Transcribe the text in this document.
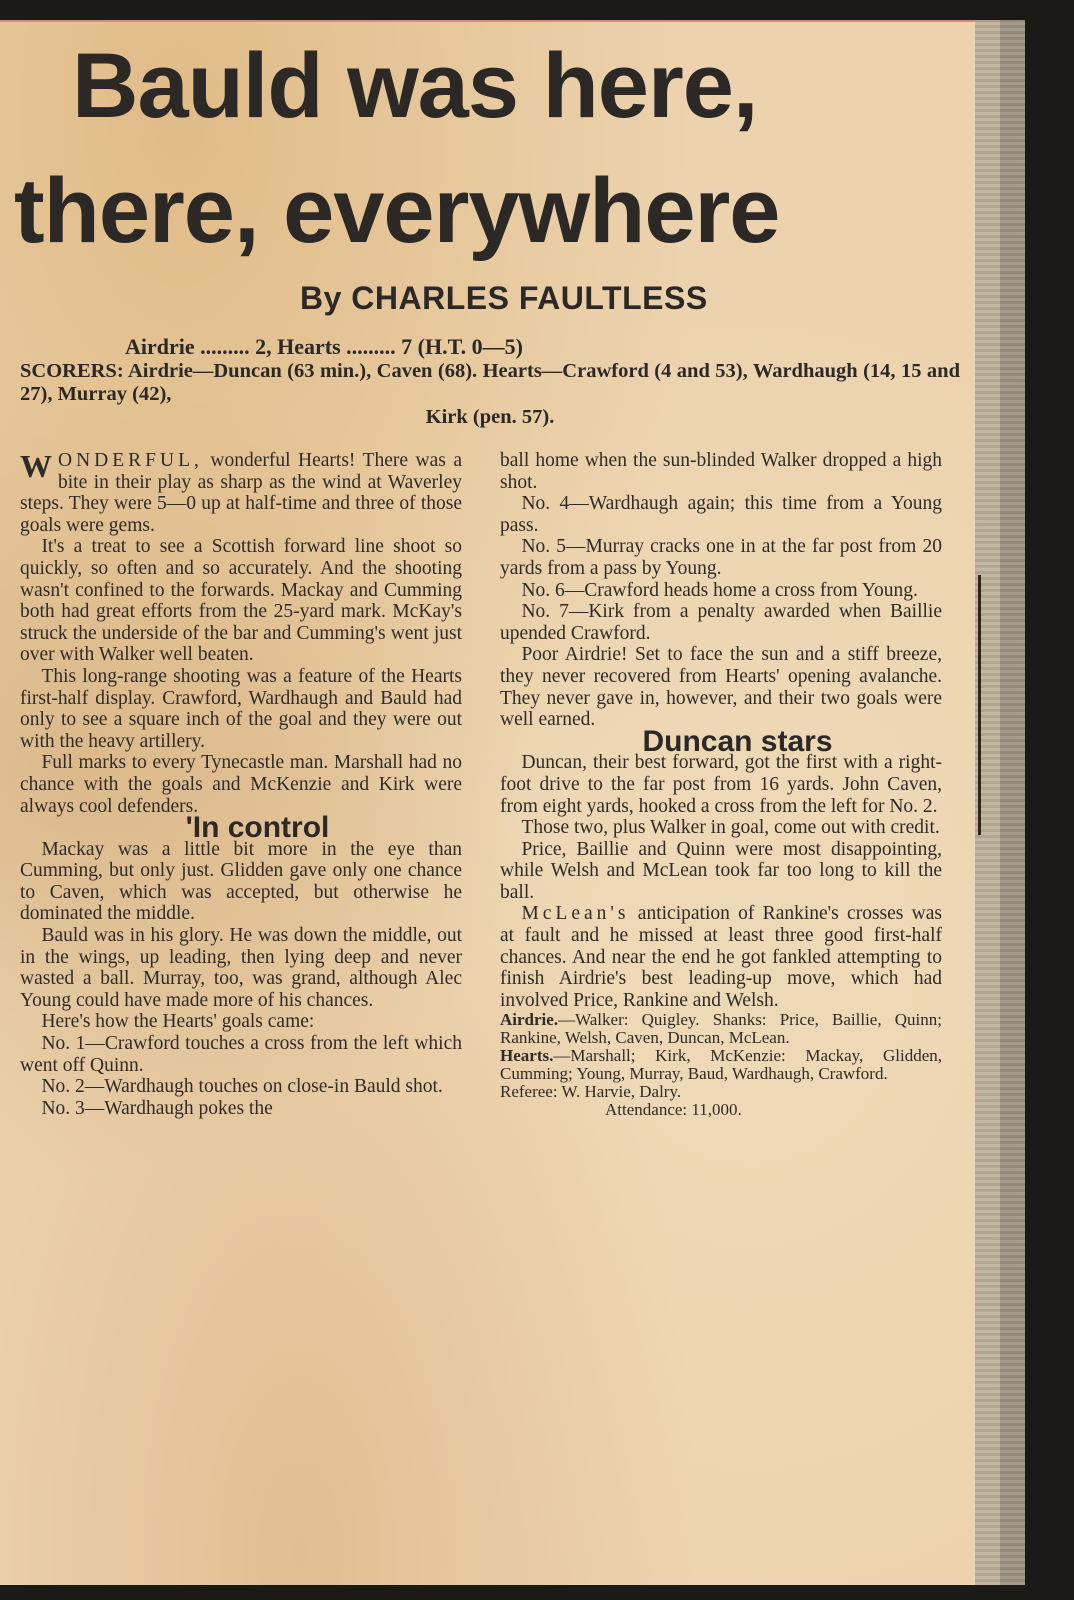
Bauld was here,
there, everywhere
By CHARLES FAULTLESS
Airdrie ......... 2, Hearts ......... 7 (H.T. 0—5)
SCORERS: Airdrie—Duncan (63 min.), Caven (68). Hearts—Crawford (4 and 53), Wardhaugh (14, 15 and 27), Murray (42),
Kirk (pen. 57).

WONDERFUL, wonderful Hearts! There was a bite in their play as sharp as the wind at Waverley steps. They were 5—0 up at half-time and three of those goals were gems.

It's a treat to see a Scottish forward line shoot so quickly, so often and so accurately. And the shooting wasn't confined to the forwards. Mackay and Cumming both had great efforts from the 25-yard mark. McKay's struck the underside of the bar and Cumming's went just over with Walker well beaten.

This long-range shooting was a feature of the Hearts first-half display. Crawford, Wardhaugh and Bauld had only to see a square inch of the goal and they were out with the heavy artillery.

Full marks to every Tynecastle man. Marshall had no chance with the goals and McKenzie and Kirk were always cool defenders.

'In control

Mackay was a little bit more in the eye than Cumming, but only just. Glidden gave only one chance to Caven, which was accepted, but otherwise he dominated the middle.

Bauld was in his glory. He was down the middle, out in the wings, up leading, then lying deep and never wasted a ball. Murray, too, was grand, although Alec Young could have made more of his chances.

Here's how the Hearts' goals came:

No. 1—Crawford touches a cross from the left which went off Quinn.

No. 2—Wardhaugh touches on close-in Bauld shot.

No. 3—Wardhaugh pokes the

ball home when the sun-blinded Walker dropped a high shot.

No. 4—Wardhaugh again; this time from a Young pass.

No. 5—Murray cracks one in at the far post from 20 yards from a pass by Young.

No. 6—Crawford heads home a cross from Young.

No. 7—Kirk from a penalty awarded when Baillie upended Crawford.

Poor Airdrie! Set to face the sun and a stiff breeze, they never recovered from Hearts' opening avalanche. They never gave in, however, and their two goals were well earned.

Duncan stars

Duncan, their best forward, got the first with a right-foot drive to the far post from 16 yards. John Caven, from eight yards, hooked a cross from the left for No. 2.

Those two, plus Walker in goal, come out with credit.

Price, Baillie and Quinn were most disappointing, while Welsh and McLean took far too long to kill the ball.

McLean's anticipation of Rankine's crosses was at fault and he missed at least three good first-half chances. And near the end he got fankled attempting to finish Airdrie's best leading-up move, which had involved Price, Rankine and Welsh.

Airdrie.—Walker: Quigley. Shanks: Price, Baillie, Quinn; Rankine, Welsh, Caven, Duncan, McLean.

Hearts.—Marshall; Kirk, McKenzie: Mackay, Glidden, Cumming; Young, Murray, Baud, Wardhaugh, Crawford.

Referee: W. Harvie, Dalry.

Attendance: 11,000.
